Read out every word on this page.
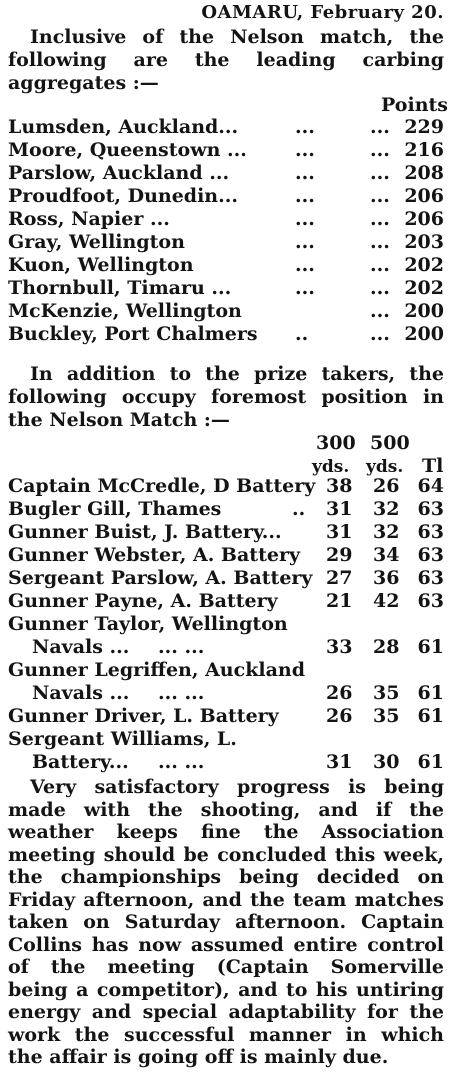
OAMARU, February 20.

Inclusive of the Nelson match, the following are the leading carbing aggregates :—

Points
Lumsden, Auckland...	...	... 229
Moore, Queenstown ...	...	... 216
Parslow, Auckland ...	...	... 208
Proudfoot, Dunedin...	...	... 206
Ross, Napier ...	...	... 206
Gray, Wellington	...	... 203
Kuon, Wellington	...	... 202
Thornbull, Timaru ...	...	... 202
McKenzie, Wellington	... 200
Buckley, Port Chalmers ..	... 200

In addition to the prize takers, the following occupy foremost position in the Nelson Match :—

300 500
yds. yds. Tl
Captain McCredle, D Battery 38 26 64
Bugler Gill, Thames	.. 31 32 63
Gunner Buist, J. Battery... 31 32 63
Gunner Webster, A. Battery 29 34 63
Sergeant Parslow, A. Battery 27 36 63
Gunner Payne, A. Battery	21 42 63
Gunner Taylor, Wellington
Navals ... ... ...	33 28 61
Gunner Legriffen, Auckland
Navals ... ... ...	26 35 61
Gunner Driver, L. Battery 26 35 61
Sergeant Williams, L.
Battery... ... ...	31 30 61

Very satisfactory progress is being made with the shooting, and if the weather keeps fine the Association meeting should be concluded this week, the championships being decided on Friday afternoon, and the team matches taken on Saturday afternoon. Captain Collins has now assumed entire control of the meeting (Captain Somerville being a competitor), and to his untiring energy and special adaptability for the work the successful manner in which the affair is going off is mainly due.
